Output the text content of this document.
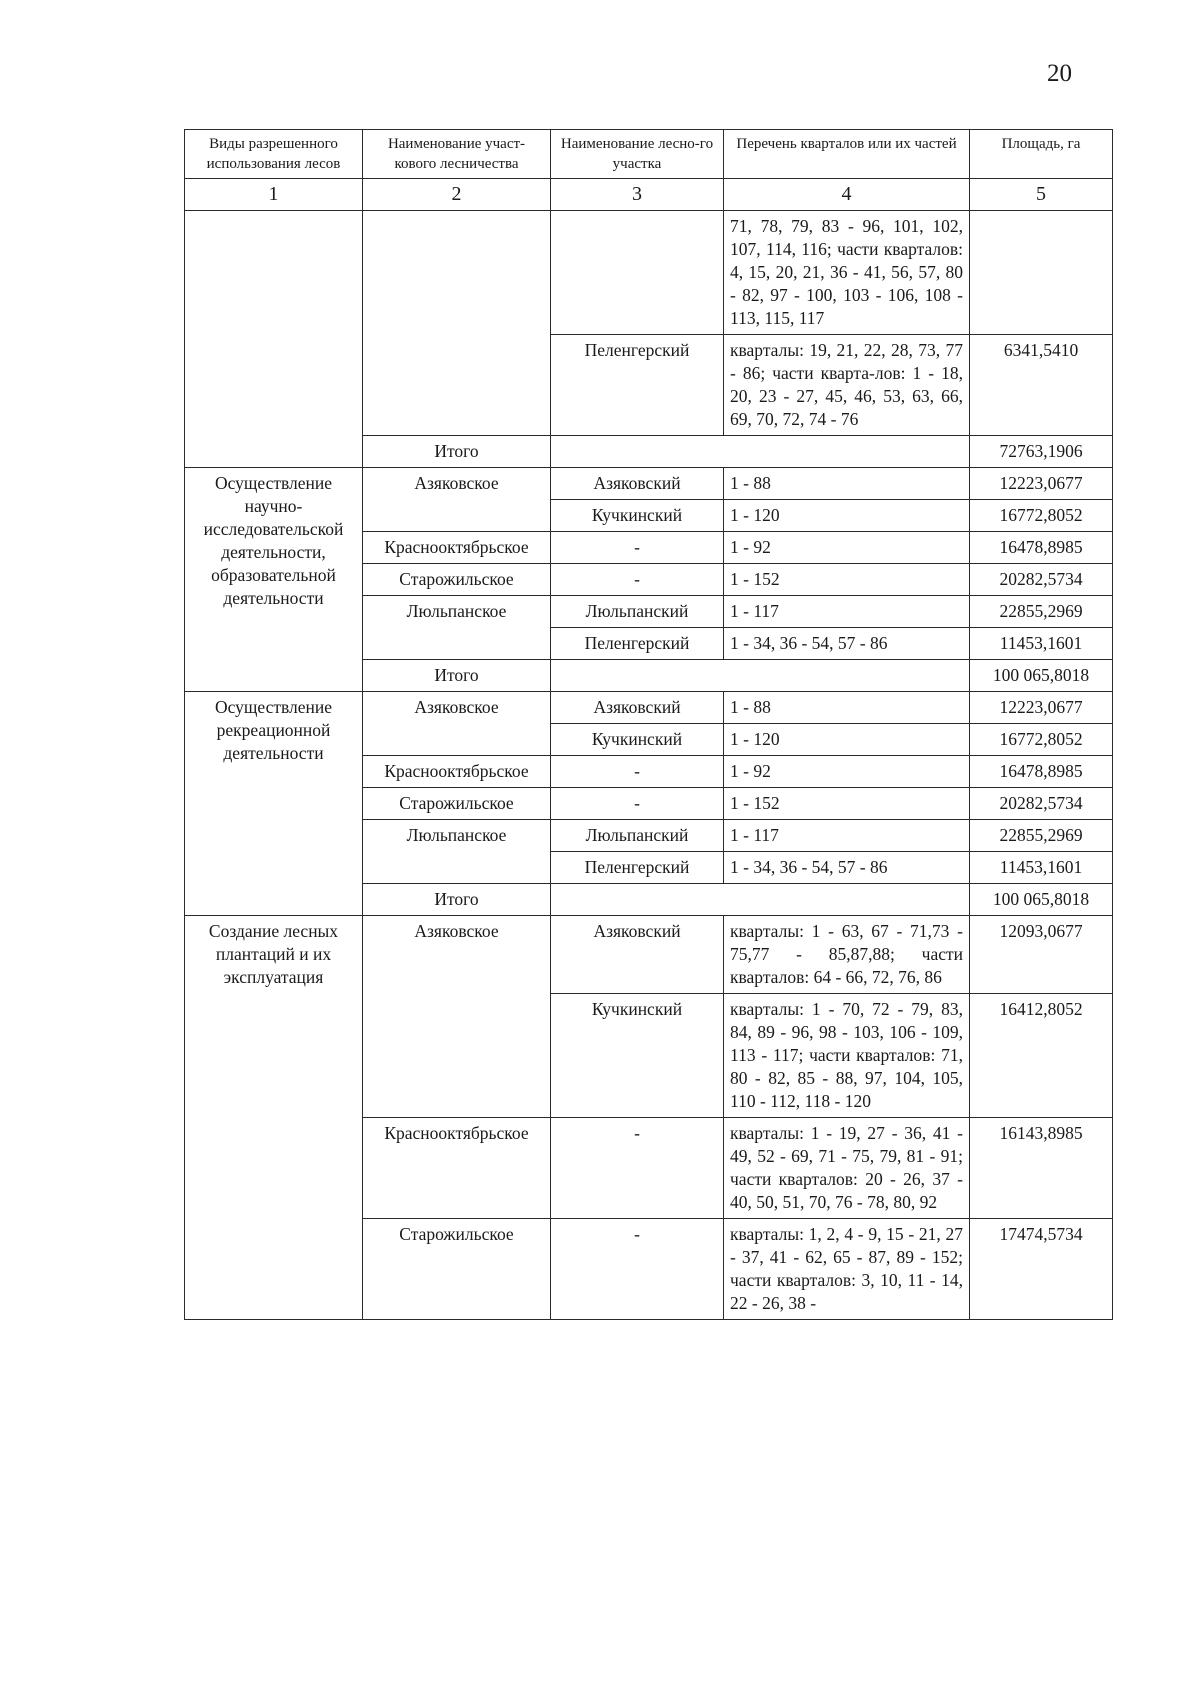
20
Виды разрешенного использования лесов	Наименование участ-кового лесничества	Наименование лесно-го участка	Перечень кварталов или их частей	Площадь, га
1	2	3	4	5
			71, 78, 79, 83 - 96, 101, 102, 107, 114, 116; части кварталов: 4, 15, 20, 21, 36 - 41, 56, 57, 80 - 82, 97 - 100, 103 - 106, 108 - 113, 115, 117	
		Пеленгерский	кварталы: 19, 21, 22, 28, 73, 77 - 86; части кварта-лов: 1 - 18, 20, 23 - 27, 45, 46, 53, 63, 66, 69, 70, 72, 74 - 76	6341,5410
	Итого			72763,1906
Осуществление научно-исследовательской деятельности, образовательной деятельности	Азяковское	Азяковский	1 - 88	12223,0677
		Кучкинский	1 - 120	16772,8052
	Краснооктябрьское	-	1 - 92	16478,8985
	Старожильское	-	1 - 152	20282,5734
	Люльпанское	Люльпанский	1 - 117	22855,2969
		Пеленгерский	1 - 34, 36 - 54, 57 - 86	11453,1601
	Итого			100 065,8018
Осуществление рекреационной деятельности	Азяковское	Азяковский	1 - 88	12223,0677
		Кучкинский	1 - 120	16772,8052
	Краснооктябрьское	-	1 - 92	16478,8985
	Старожильское	-	1 - 152	20282,5734
	Люльпанское	Люльпанский	1 - 117	22855,2969
		Пеленгерский	1 - 34, 36 - 54, 57 - 86	11453,1601
	Итого			100 065,8018
Создание лесных плантаций и их эксплуатация	Азяковское	Азяковский	кварталы: 1 - 63, 67 - 71,73 - 75,77 - 85,87,88; части кварталов: 64 - 66, 72, 76, 86	12093,0677
		Кучкинский	кварталы: 1 - 70, 72 - 79, 83, 84, 89 - 96, 98 - 103, 106 - 109, 113 - 117; части кварталов: 71, 80 - 82, 85 - 88, 97, 104, 105, 110 - 112, 118 - 120	16412,8052
	Краснооктябрьское	-	кварталы: 1 - 19, 27 - 36, 41 - 49, 52 - 69, 71 - 75, 79, 81 - 91; части кварталов: 20 - 26, 37 - 40, 50, 51, 70, 76 - 78, 80, 92	16143,8985
	Старожильское	-	кварталы: 1, 2, 4 - 9, 15 - 21, 27 - 37, 41 - 62, 65 - 87, 89 - 152; части кварталов: 3, 10, 11 - 14, 22 - 26, 38 -	17474,5734
